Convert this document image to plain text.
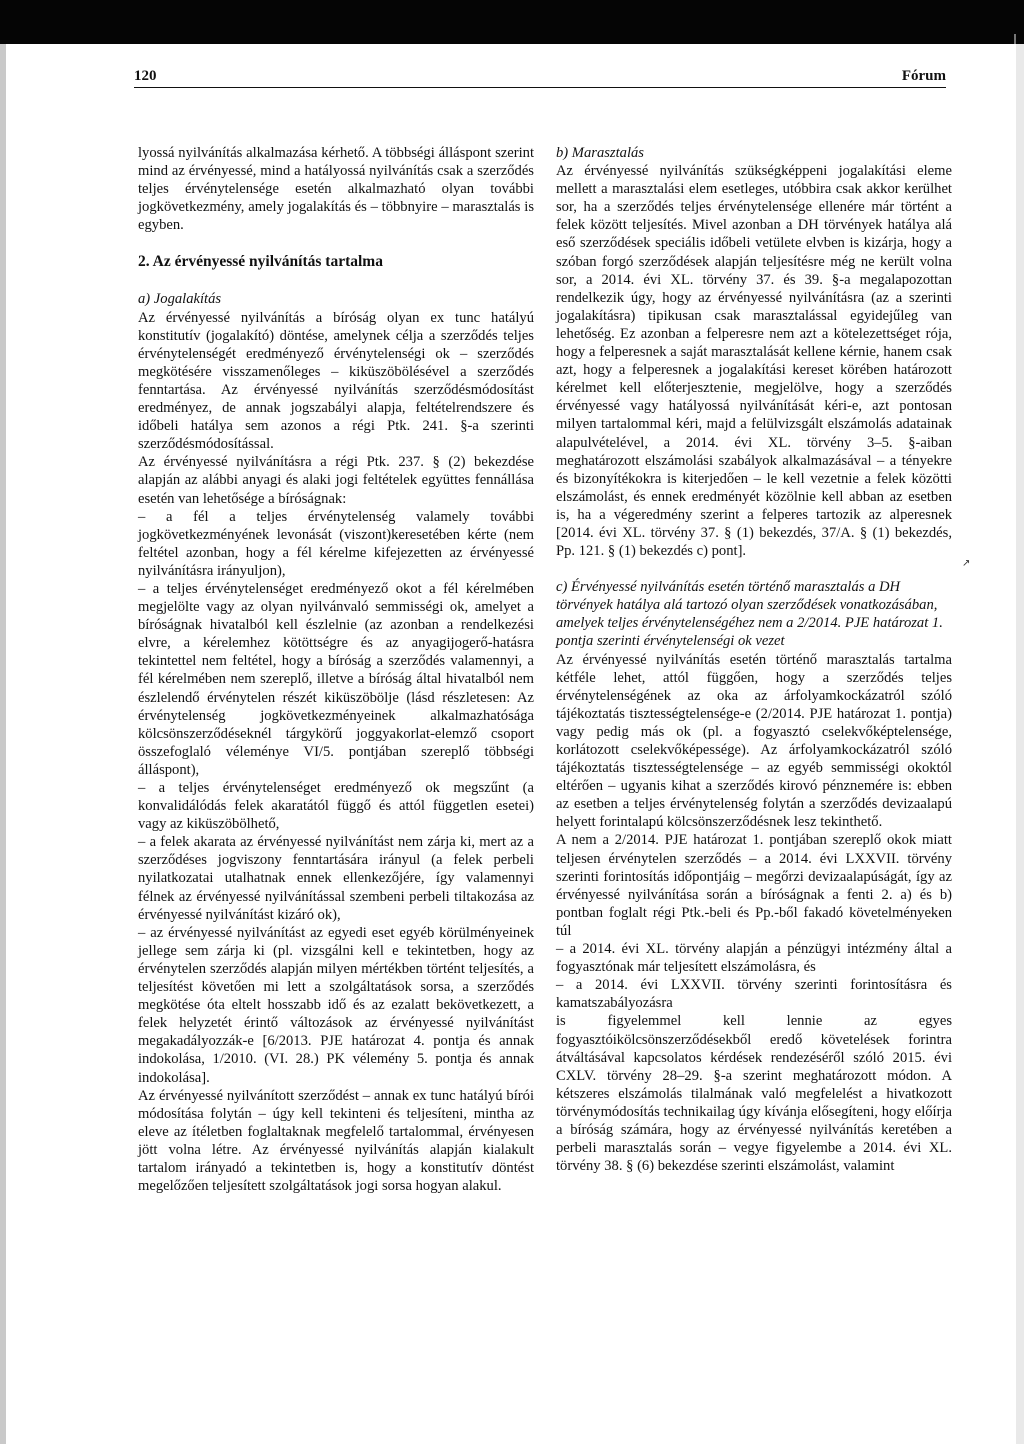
120	Fórum

lyossá nyilvánítás alkalmazása kérhető. A többségi álláspont szerint mind az érvényessé, mind a hatályossá nyilvánítás csak a szerződés teljes érvénytelensége esetén alkalmazható olyan további jogkövetkezmény, amely jogalakítás és – többnyire – marasztalás is egyben.

2. Az érvényessé nyilvánítás tartalma

a) Jogalakítás

Az érvényessé nyilvánítás a bíróság olyan ex tunc hatályú konstitutív (jogalakító) döntése, amelynek célja a szerződés teljes érvénytelenségét eredményező érvénytelenségi ok – szerződés megkötésére visszamenőleges – kiküszöbölésével a szerződés fenntartása. Az érvényessé nyilvánítás szerződésmódosítást eredményez, de annak jogszabályi alapja, feltételrendszere és időbeli hatálya sem azonos a régi Ptk. 241. §-a szerinti szerződésmódosítással.

Az érvényessé nyilvánításra a régi Ptk. 237. § (2) bekezdése alapján az alábbi anyagi és alaki jogi feltételek együttes fennállása esetén van lehetősége a bíróságnak:

– a fél a teljes érvénytelenség valamely további jogkövetkezményének levonását (viszont)keresetében kérte (nem feltétel azonban, hogy a fél kérelme kifejezetten az érvényessé nyilvánításra irányuljon),

– a teljes érvénytelenséget eredményező okot a fél kérelmében megjelölte vagy az olyan nyilvánvaló semmisségi ok, amelyet a bíróságnak hivatalból kell észlelnie (az azonban a rendelkezési elvre, a kérelemhez kötöttségre és az anyagijogerő-hatásra tekintettel nem feltétel, hogy a bíróság a szerződés valamennyi, a fél kérelmében nem szereplő, illetve a bíróság által hivatalból nem észlelendő érvénytelen részét kiküszöbölje (lásd részletesen: Az érvénytelenség jogkövetkezményeinek alkalmazhatósága kölcsönszerződéseknél tárgykörű joggyakorlat-elemző csoport összefoglaló véleménye VI/5. pontjában szereplő többségi álláspont),

– a teljes érvénytelenséget eredményező ok megszűnt (a konvalidálódás felek akaratától függő és attól független esetei) vagy az kiküszöbölhető,

– a felek akarata az érvényessé nyilvánítást nem zárja ki, mert az a szerződéses jogviszony fenntartására irányul (a felek perbeli nyilatkozatai utalhatnak ennek ellenkezőjére, így valamennyi félnek az érvényessé nyilvánítással szembeni perbeli tiltakozása az érvényessé nyilvánítást kizáró ok),

– az érvényessé nyilvánítást az egyedi eset egyéb körülményeinek jellege sem zárja ki (pl. vizsgálni kell e tekintetben, hogy az érvénytelen szerződés alapján milyen mértékben történt teljesítés, a teljesítést követően mi lett a szolgáltatások sorsa, a szerződés megkötése óta eltelt hosszabb idő és az ezalatt bekövetkezett, a felek helyzetét érintő változások az érvényessé nyilvánítást megakadályozzák-e [6/2013. PJE határozat 4. pontja és annak indokolása, 1/2010. (VI. 28.) PK vélemény 5. pontja és annak indokolása].

Az érvényessé nyilvánított szerződést – annak ex tunc hatályú bírói módosítása folytán – úgy kell tekinteni és teljesíteni, mintha az eleve az ítéletben foglaltaknak megfelelő tartalommal, érvényesen jött volna létre. Az érvényessé nyilvánítás alapján kialakult tartalom irányadó a tekintetben is, hogy a konstitutív döntést megelőzően teljesített szolgáltatások jogi sorsa hogyan alakul.

b) Marasztalás

Az érvényessé nyilvánítás szükségképpeni jogalakítási eleme mellett a marasztalási elem esetleges, utóbbira csak akkor kerülhet sor, ha a szerződés teljes érvénytelensége ellenére már történt a felek között teljesítés. Mivel azonban a DH törvények hatálya alá eső szerződések speciális időbeli vetülete elvben is kizárja, hogy a szóban forgó szerződések alapján teljesítésre még ne került volna sor, a 2014. évi XL. törvény 37. és 39. §-a megalapozottan rendelkezik úgy, hogy az érvényessé nyilvánításra (az a szerinti jogalakításra) tipikusan csak marasztalással egyidejűleg van lehetőség. Ez azonban a felperesre nem azt a kötelezettséget rója, hogy a felperesnek a saját marasztalását kellene kérnie, hanem csak azt, hogy a felperesnek a jogalakítási kereset körében határozott kérelmet kell előterjesztenie, megjelölve, hogy a szerződés érvényessé vagy hatályossá nyilvánítását kéri-e, azt pontosan milyen tartalommal kéri, majd a felülvizsgált elszámolás adatainak alapulvételével, a 2014. évi XL. törvény 3–5. §-aiban meghatározott elszámolási szabályok alkalmazásával – a tényekre és bizonyítékokra is kiterjedően – le kell vezetnie a felek közötti elszámolást, és ennek eredményét közölnie kell abban az esetben is, ha a végeredmény szerint a felperes tartozik az alperesnek [2014. évi XL. törvény 37. § (1) bekezdés, 37/A. § (1) bekezdés, Pp. 121. § (1) bekezdés c) pont].

c) Érvényessé nyilvánítás esetén történő marasztalás a DH törvények hatálya alá tartozó olyan szerződések vonatkozásában, amelyek teljes érvénytelenségéhez nem a 2/2014. PJE határozat 1. pontja szerinti érvénytelenségi ok vezet

Az érvényessé nyilvánítás esetén történő marasztalás tartalma kétféle lehet, attól függően, hogy a szerződés teljes érvénytelenségének az oka az árfolyamkockázatról szóló tájékoztatás tisztességtelensége-e (2/2014. PJE határozat 1. pontja) vagy pedig más ok (pl. a fogyasztó cselekvőképtelensége, korlátozott cselekvőképessége). Az árfolyamkockázatról szóló tájékoztatás tisztességtelensége – az egyéb semmisségi okoktól eltérően – ugyanis kihat a szerződés kirovó pénznemére is: ebben az esetben a teljes érvénytelenség folytán a szerződés devizaalapú helyett forintalapú kölcsönszerződésnek lesz tekinthető.

A nem a 2/2014. PJE határozat 1. pontjában szereplő okok miatt teljesen érvénytelen szerződés – a 2014. évi LXXVII. törvény szerinti forintosítás időpontjáig – megőrzi devizaalapúságát, így az érvényessé nyilvánítása során a bíróságnak a fenti 2. a) és b) pontban foglalt régi Ptk.-beli és Pp.-ből fakadó követelményeken túl

– a 2014. évi XL. törvény alapján a pénzügyi intézmény által a fogyasztónak már teljesített elszámolásra, és

– a 2014. évi LXXVII. törvény szerinti forintosításra és kamatszabályozásra

is figyelemmel kell lennie az egyes fogyasztóikölcsönszerződésekből eredő követelések forintra átváltásával kapcsolatos kérdések rendezéséről szóló 2015. évi CXLV. törvény 28–29. §-a szerint meghatározott módon. A kétszeres elszámolás tilalmának való megfelelést a hivatkozott törvénymódosítás technikailag úgy kívánja elősegíteni, hogy előírja a bíróság számára, hogy az érvényessé nyilvánítás keretében a perbeli marasztalás során – vegye figyelembe a 2014. évi XL. törvény 38. § (6) bekezdése szerinti elszámolást, valamint

↗
